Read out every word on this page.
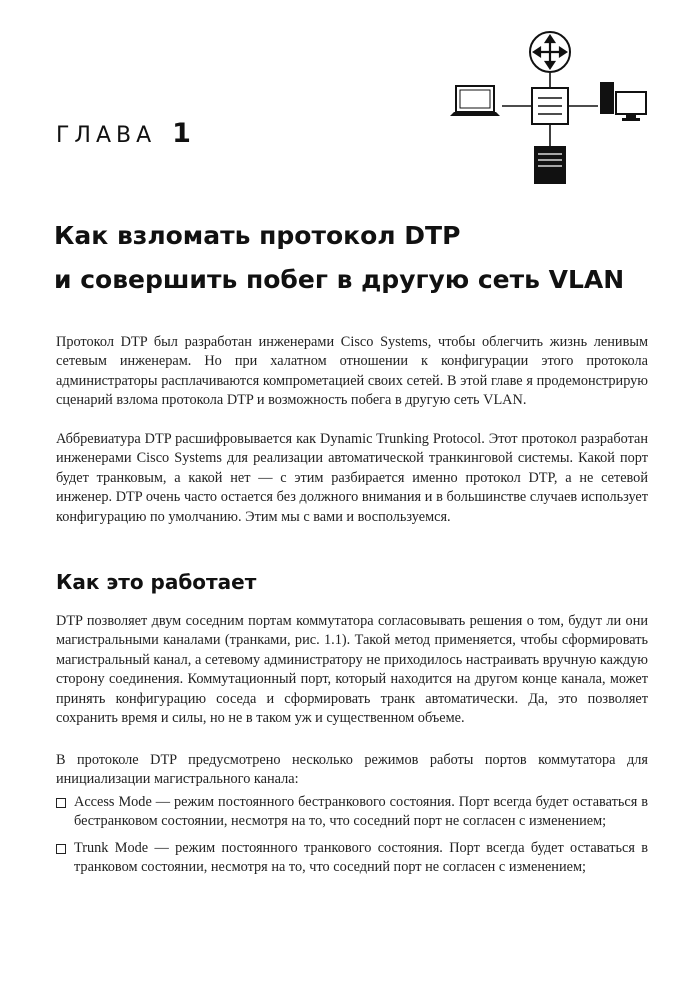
ГЛАВА 1
Как взломать протокол DTP
и совершить побег в другую сеть VLAN

Протокол DTP был разработан инженерами Cisco Systems, чтобы облегчить жизнь ленивым сетевым инженерам. Но при халатном отношении к конфигурации этого протокола администраторы расплачиваются компрометацией своих сетей. В этой главе я продемонстрирую сценарий взлома протокола DTP и возможность побега в другую сеть VLAN.

Аббревиатура DTP расшифровывается как Dynamic Trunking Protocol. Этот протокол разработан инженерами Cisco Systems для реализации автоматической транкинговой системы. Какой порт будет транковым, а какой нет — с этим разбирается именно протокол DTP, а не сетевой инженер. DTP очень часто остается без должного внимания и в большинстве случаев использует конфигурацию по умолчанию. Этим мы с вами и воспользуемся.

Как это работает

DTP позволяет двум соседним портам коммутатора согласовывать решения о том, будут ли они магистральными каналами (транками, рис. 1.1). Такой метод применяется, чтобы сформировать магистральный канал, а сетевому администратору не приходилось настраивать вручную каждую сторону соединения. Коммутационный порт, который находится на другом конце канала, может принять конфигурацию соседа и сформировать транк автоматически. Да, это позволяет сохранить время и силы, но не в таком уж и существенном объеме.

В протоколе DTP предусмотрено несколько режимов работы портов коммутатора для инициализации магистрального канала:

Access Mode — режим постоянного бестранкового состояния. Порт всегда будет оставаться в бестранковом состоянии, несмотря на то, что соседний порт не согласен с изменением;
Trunk Mode — режим постоянного транкового состояния. Порт всегда будет оставаться в транковом состоянии, несмотря на то, что соседний порт не согласен с изменением;
